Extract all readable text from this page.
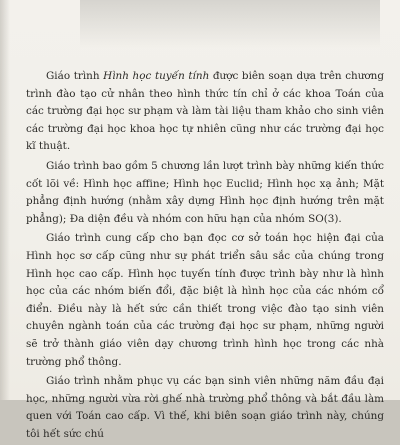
Giáo trình Hình học tuyến tính được biên soạn dựa trên chương trình đào tạo cử nhân theo hình thức tín chỉ ở các khoa Toán của các trường đại học sư phạm và làm tài liệu tham khảo cho sinh viên các trường đại học khoa học tự nhiên cũng như các trường đại học kĩ thuật.

Giáo trình bao gồm 5 chương lần lượt trình bày những kiến thức cốt lõi về: Hình học affine; Hình học Euclid; Hình học xạ ảnh; Mặt phẳng định hướng (nhằm xây dựng Hình học định hướng trên mặt phẳng); Đa diện đều và nhóm con hữu hạn của nhóm SO(3).

Giáo trình cung cấp cho bạn đọc cơ sở toán học hiện đại của Hình học sơ cấp cũng như sự phát triển sâu sắc của chúng trong Hình học cao cấp. Hình học tuyến tính được trình bày như là hình học của các nhóm biến đổi, đặc biệt là hình học của các nhóm cổ điển. Điều này là hết sức cần thiết trong việc đào tạo sinh viên chuyên ngành toán của các trường đại học sư phạm, những người sẽ trở thành giáo viên dạy chương trình hình học trong các nhà trường phổ thông.

Giáo trình nhằm phục vụ các bạn sinh viên những năm đầu đại học, những người vừa rời ghế nhà trường phổ thông và bắt đầu làm quen với Toán cao cấp. Vì thế, khi biên soạn giáo trình này, chúng tôi hết sức chú
